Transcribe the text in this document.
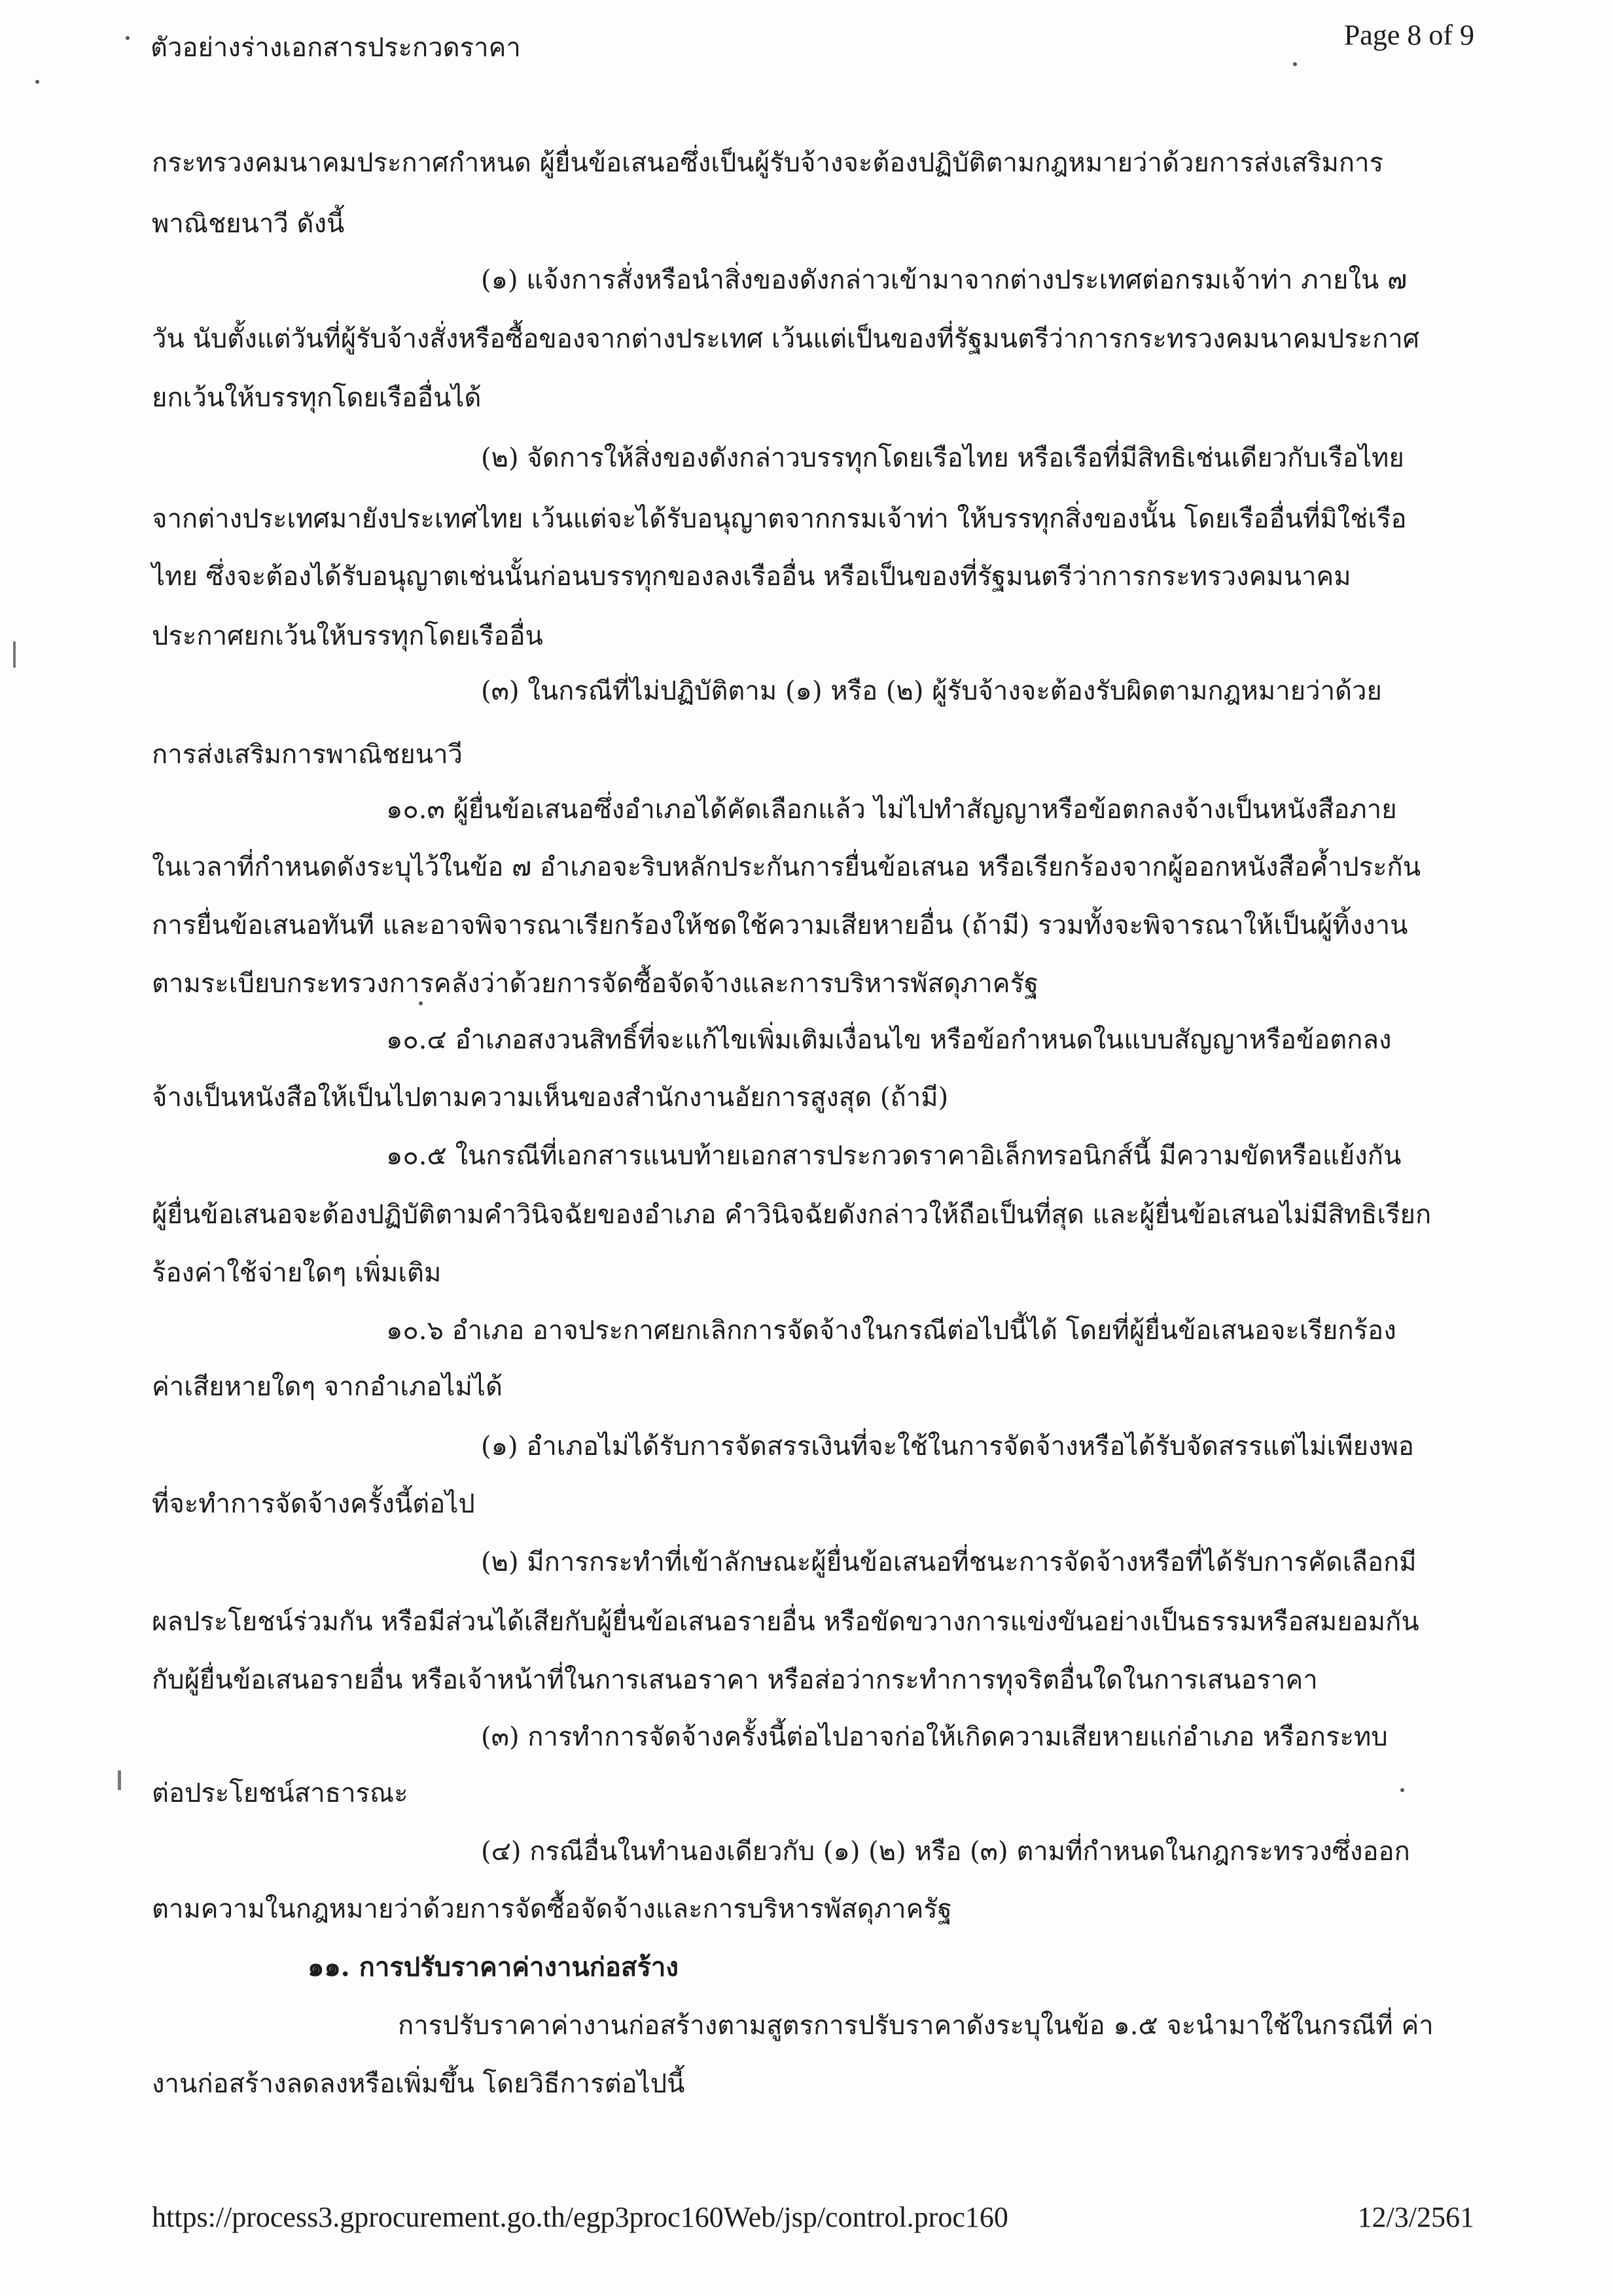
ตัวอย่างร่างเอกสารประกวดราคา	Page 8 of 9
กระทรวงคมนาคมประกาศกำหนด ผู้ยื่นข้อเสนอซึ่งเป็นผู้รับจ้างจะต้องปฏิบัติตามกฎหมายว่าด้วยการส่งเสริมการ
พาณิชยนาวี ดังนี้
(๑) แจ้งการสั่งหรือนำสิ่งของดังกล่าวเข้ามาจากต่างประเทศต่อกรมเจ้าท่า ภายใน ๗
วัน นับตั้งแต่วันที่ผู้รับจ้างสั่งหรือซื้อของจากต่างประเทศ เว้นแต่เป็นของที่รัฐมนตรีว่าการกระทรวงคมนาคมประกาศ
ยกเว้นให้บรรทุกโดยเรืออื่นได้
(๒) จัดการให้สิ่งของดังกล่าวบรรทุกโดยเรือไทย หรือเรือที่มีสิทธิเช่นเดียวกับเรือไทย
จากต่างประเทศมายังประเทศไทย เว้นแต่จะได้รับอนุญาตจากกรมเจ้าท่า ให้บรรทุกสิ่งของนั้น โดยเรืออื่นที่มิใช่เรือ
ไทย ซึ่งจะต้องได้รับอนุญาตเช่นนั้นก่อนบรรทุกของลงเรืออื่น หรือเป็นของที่รัฐมนตรีว่าการกระทรวงคมนาคม
ประกาศยกเว้นให้บรรทุกโดยเรืออื่น
(๓) ในกรณีที่ไม่ปฏิบัติตาม (๑) หรือ (๒) ผู้รับจ้างจะต้องรับผิดตามกฎหมายว่าด้วย
การส่งเสริมการพาณิชยนาวี
๑๐.๓ ผู้ยื่นข้อเสนอซึ่งอำเภอได้คัดเลือกแล้ว ไม่ไปทำสัญญาหรือข้อตกลงจ้างเป็นหนังสือภาย
ในเวลาที่กำหนดดังระบุไว้ในข้อ ๗ อำเภอจะริบหลักประกันการยื่นข้อเสนอ หรือเรียกร้องจากผู้ออกหนังสือค้ำประกัน
การยื่นข้อเสนอทันที และอาจพิจารณาเรียกร้องให้ชดใช้ความเสียหายอื่น (ถ้ามี) รวมทั้งจะพิจารณาให้เป็นผู้ทิ้งงาน
ตามระเบียบกระทรวงการคลังว่าด้วยการจัดซื้อจัดจ้างและการบริหารพัสดุภาครัฐ
๑๐.๔ อำเภอสงวนสิทธิ์ที่จะแก้ไขเพิ่มเติมเงื่อนไข หรือข้อกำหนดในแบบสัญญาหรือข้อตกลง
จ้างเป็นหนังสือให้เป็นไปตามความเห็นของสำนักงานอัยการสูงสุด (ถ้ามี)
๑๐.๕ ในกรณีที่เอกสารแนบท้ายเอกสารประกวดราคาอิเล็กทรอนิกส์นี้ มีความขัดหรือแย้งกัน
ผู้ยื่นข้อเสนอจะต้องปฏิบัติตามคำวินิจฉัยของอำเภอ คำวินิจฉัยดังกล่าวให้ถือเป็นที่สุด และผู้ยื่นข้อเสนอไม่มีสิทธิเรียก
ร้องค่าใช้จ่ายใดๆ เพิ่มเติม
๑๐.๖ อำเภอ อาจประกาศยกเลิกการจัดจ้างในกรณีต่อไปนี้ได้ โดยที่ผู้ยื่นข้อเสนอจะเรียกร้อง
ค่าเสียหายใดๆ จากอำเภอไม่ได้
(๑) อำเภอไม่ได้รับการจัดสรรเงินที่จะใช้ในการจัดจ้างหรือได้รับจัดสรรแต่ไม่เพียงพอ
ที่จะทำการจัดจ้างครั้งนี้ต่อไป
(๒) มีการกระทำที่เข้าลักษณะผู้ยื่นข้อเสนอที่ชนะการจัดจ้างหรือที่ได้รับการคัดเลือกมี
ผลประโยชน์ร่วมกัน หรือมีส่วนได้เสียกับผู้ยื่นข้อเสนอรายอื่น หรือขัดขวางการแข่งขันอย่างเป็นธรรมหรือสมยอมกัน
กับผู้ยื่นข้อเสนอรายอื่น หรือเจ้าหน้าที่ในการเสนอราคา หรือส่อว่ากระทำการทุจริตอื่นใดในการเสนอราคา
(๓) การทำการจัดจ้างครั้งนี้ต่อไปอาจก่อให้เกิดความเสียหายแก่อำเภอ หรือกระทบ
ต่อประโยชน์สาธารณะ
(๔) กรณีอื่นในทำนองเดียวกับ (๑) (๒) หรือ (๓) ตามที่กำหนดในกฎกระทรวงซึ่งออก
ตามความในกฎหมายว่าด้วยการจัดซื้อจัดจ้างและการบริหารพัสดุภาครัฐ
๑๑. การปรับราคาค่างานก่อสร้าง
การปรับราคาค่างานก่อสร้างตามสูตรการปรับราคาดังระบุในข้อ ๑.๕ จะนำมาใช้ในกรณีที่ ค่า
งานก่อสร้างลดลงหรือเพิ่มขึ้น โดยวิธีการต่อไปนี้
https://process3.gprocurement.go.th/egp3proc160Web/jsp/control.proc160	12/3/2561
